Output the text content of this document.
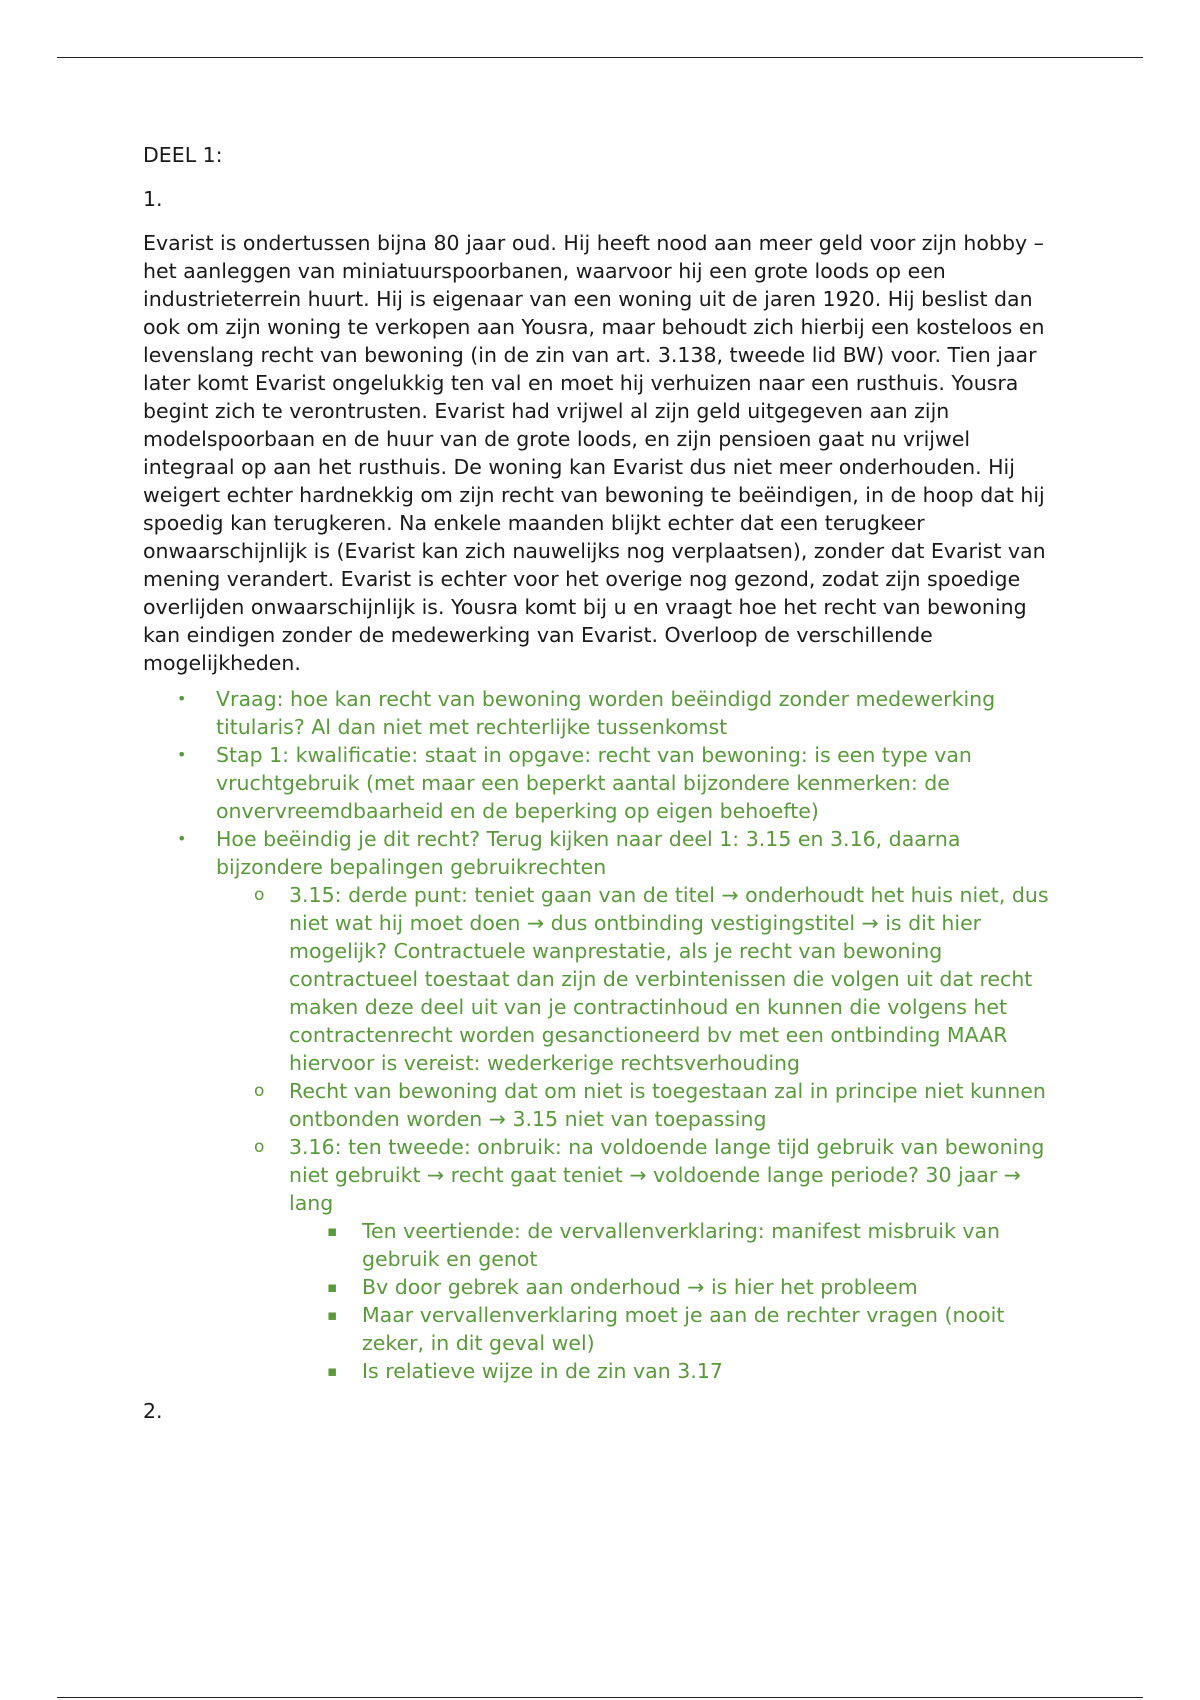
DEEL 1:

1.

Evarist is ondertussen bijna 80 jaar oud. Hij heeft nood aan meer geld voor zijn hobby – het aanleggen van miniatuurspoorbanen, waarvoor hij een grote loods op een industrieterrein huurt. Hij is eigenaar van een woning uit de jaren 1920. Hij beslist dan ook om zijn woning te verkopen aan Yousra, maar behoudt zich hierbij een kosteloos en levenslang recht van bewoning (in de zin van art. 3.138, tweede lid BW) voor. Tien jaar later komt Evarist ongelukkig ten val en moet hij verhuizen naar een rusthuis. Yousra begint zich te verontrusten. Evarist had vrijwel al zijn geld uitgegeven aan zijn modelspoorbaan en de huur van de grote loods, en zijn pensioen gaat nu vrijwel integraal op aan het rusthuis. De woning kan Evarist dus niet meer onderhouden. Hij weigert echter hardnekkig om zijn recht van bewoning te beëindigen, in de hoop dat hij spoedig kan terugkeren. Na enkele maanden blijkt echter dat een terugkeer onwaarschijnlijk is (Evarist kan zich nauwelijks nog verplaatsen), zonder dat Evarist van mening verandert. Evarist is echter voor het overige nog gezond, zodat zijn spoedige overlijden onwaarschijnlijk is. Yousra komt bij u en vraagt hoe het recht van bewoning kan eindigen zonder de medewerking van Evarist. Overloop de verschillende mogelijkheden.

• Vraag: hoe kan recht van bewoning worden beëindigd zonder medewerking titularis? Al dan niet met rechterlijke tussenkomst
• Stap 1: kwalificatie: staat in opgave: recht van bewoning: is een type van vruchtgebruik (met maar een beperkt aantal bijzondere kenmerken: de onvervreemdbaarheid en de beperking op eigen behoefte)
• Hoe beëindig je dit recht? Terug kijken naar deel 1: 3.15 en 3.16, daarna bijzondere bepalingen gebruikrechten
o 3.15: derde punt: teniet gaan van de titel → onderhoudt het huis niet, dus niet wat hij moet doen → dus ontbinding vestigingstitel → is dit hier mogelijk? Contractuele wanprestatie, als je recht van bewoning contractueel toestaat dan zijn de verbintenissen die volgen uit dat recht maken deze deel uit van je contractinhoud en kunnen die volgens het contractenrecht worden gesanctioneerd bv met een ontbinding MAAR hiervoor is vereist: wederkerige rechtsverhouding
o Recht van bewoning dat om niet is toegestaan zal in principe niet kunnen ontbonden worden → 3.15 niet van toepassing
o 3.16: ten tweede: onbruik: na voldoende lange tijd gebruik van bewoning niet gebruikt → recht gaat teniet → voldoende lange periode? 30 jaar → lang
▪ Ten veertiende: de vervallenverklaring: manifest misbruik van gebruik en genot
▪ Bv door gebrek aan onderhoud → is hier het probleem
▪ Maar vervallenverklaring moet je aan de rechter vragen (nooit zeker, in dit geval wel)
▪ Is relatieve wijze in de zin van 3.17

2.
